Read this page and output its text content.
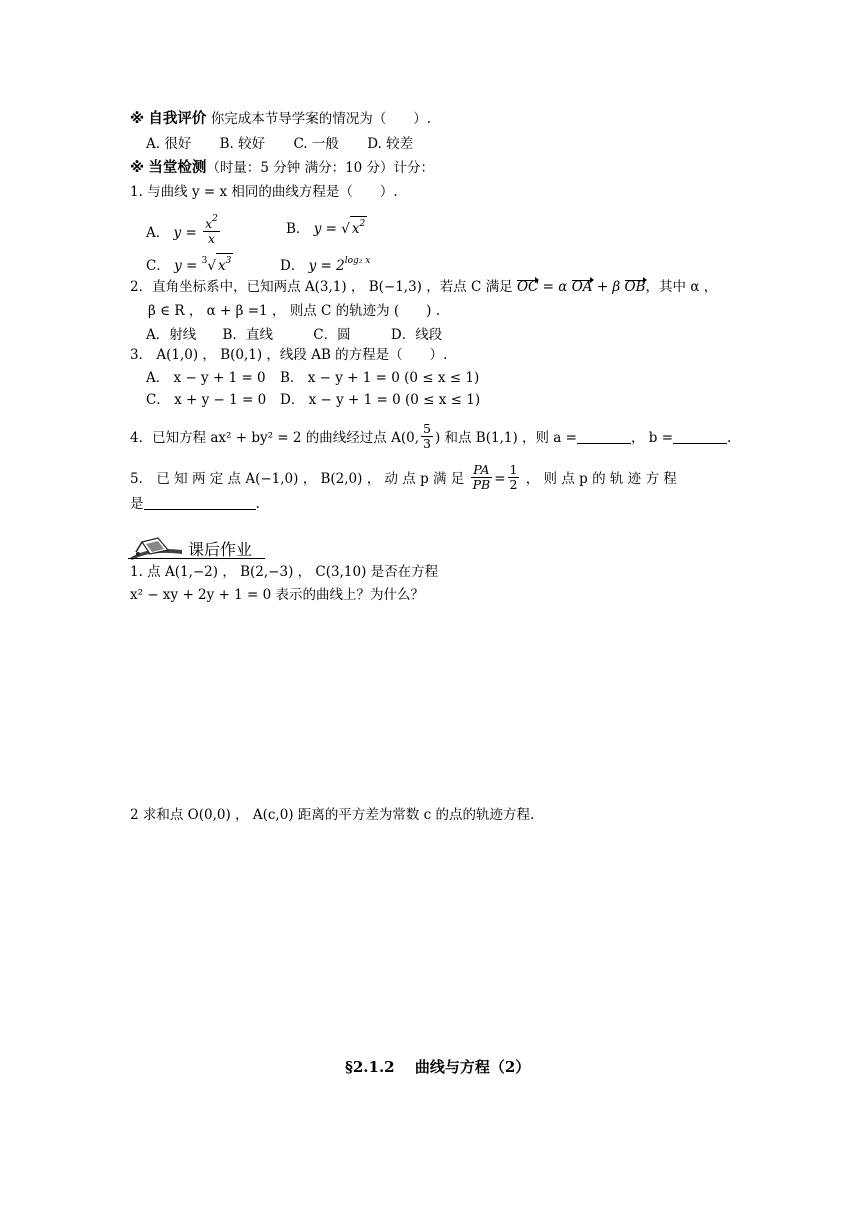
※ 自我评价 你完成本节导学案的情况为（　　）.
A. 很好 B. 较好 C. 一般 D. 较差
※ 当堂检测（时量：5 分钟 满分：10 分）计分：
1. 与曲线 y = x 相同的曲线方程是（　　）.
A． $y = \frac{x^2}{x}$	B． y = √ $x^2$
C． y = $^3$√ $x^3$	D． $y = 2^{log_2 x}$
2．直角坐标系中，已知两点 A(3,1) ， B(−1,3) ，若点 C 满足 OC = α OA + β OB，其中 α ，
β ∈ R ， α + β =1 ， 则点 C 的轨迹为 (　　) .
A．射线 B．直线	C．圆	D．线段
3． A(1,0) ， B(0,1) ，线段 AB 的方程是（　　）.
A． x − y + 1 = 0 B． x − y + 1 = 0 (0 ≤ x ≤ 1)
C． x + y − 1 = 0 D． x − y + 1 = 0 (0 ≤ x ≤ 1)
4．已知方程 ax² + by² = 2 的曲线经过点 A(0, $\frac{5}{3}$ ) 和点 B(1,1) ，则 a =	， b =	.
5． 已 知 两 定 点 A(−1,0) ， B(2,0) ， 动 点 p 满 足 $\frac{PA}{PB} = \frac{1}{2}$ ， 则 点 p 的 轨 迹 方 程
是	.
课后作业
1. 点 A(1,−2) ， B(2,−3) ， C(3,10) 是否在方程
x² − xy + 2y + 1 = 0 表示的曲线上？为什么？
2 求和点 O(0,0) ， A(c,0) 距离的平方差为常数 c 的点的轨迹方程.
§2.1.2　 曲线与方程（2）
